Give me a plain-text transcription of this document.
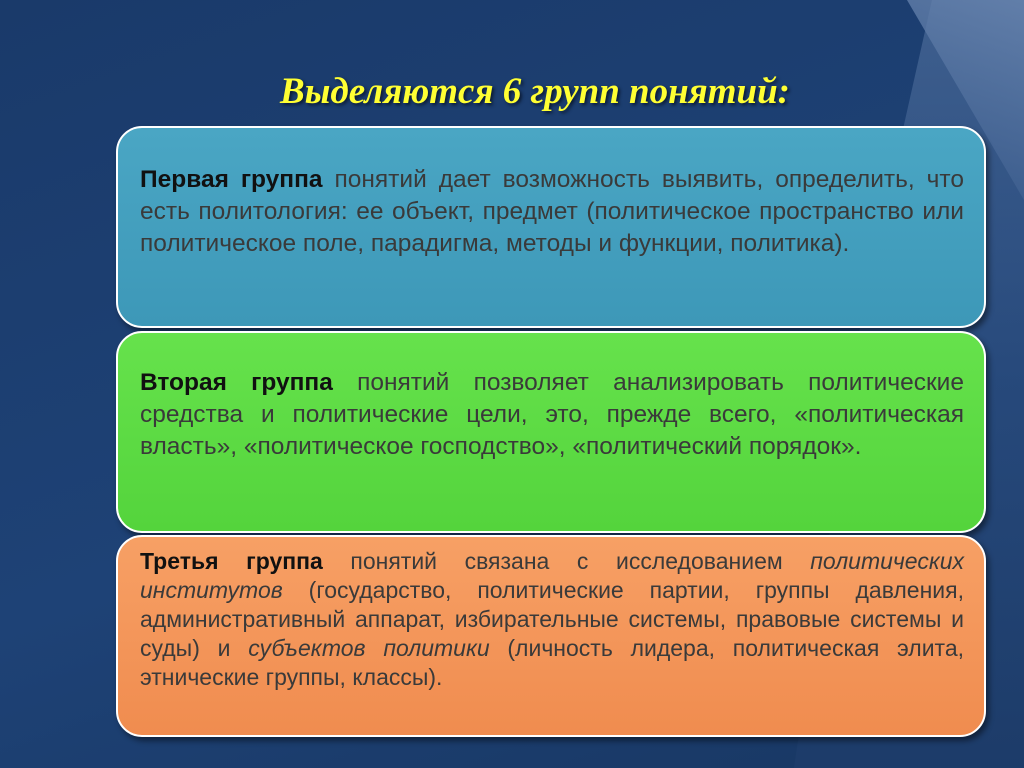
Выделяются 6 групп понятий:

Первая группа понятий дает возможность выявить, определить, что есть политология: ее объект, предмет (политическое пространство или политическое поле, парадигма, методы и функции, политика).

Вторая группа понятий позволяет анализировать политические средства и политические цели, это, прежде всего, «политическая власть», «политическое господство», «политический порядок».

Третья группа понятий связана с исследованием политических институтов (государство, политические партии, группы давления, административный аппарат, избирательные системы, правовые системы и суды) и субъектов политики (личность лидера, политическая элита, этнические группы, классы).
